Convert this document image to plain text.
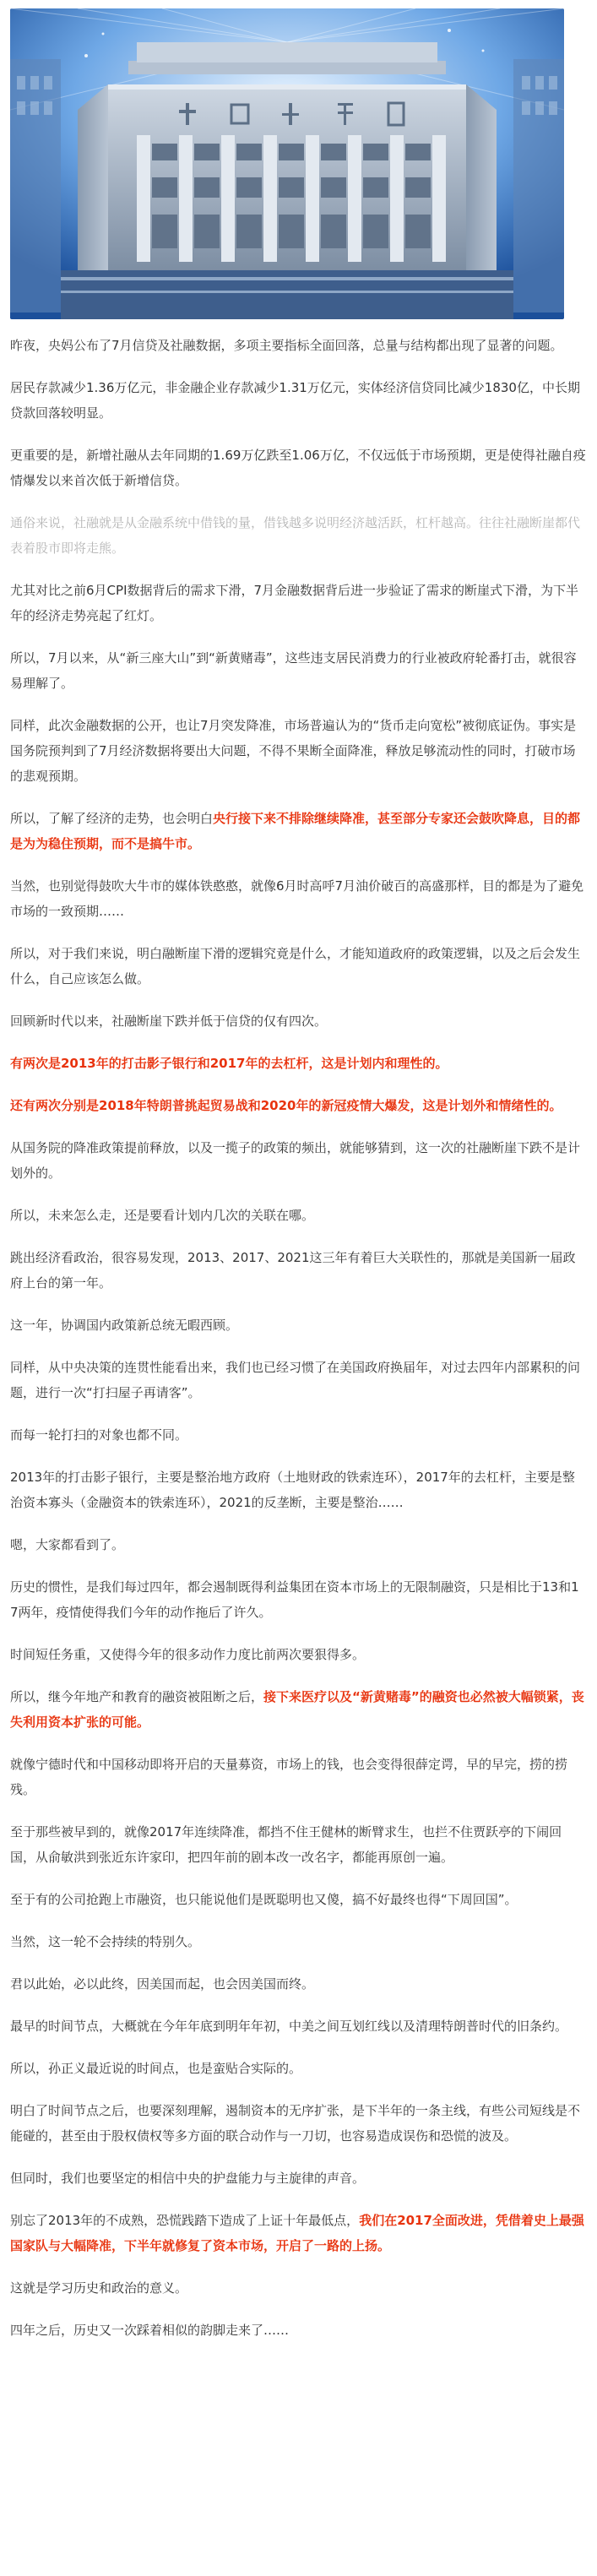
昨夜，央妈公布了7月信贷及社融数据，多项主要指标全面回落，总量与结构都出现了显著的问题。

居民存款减少1.36万亿元，非金融企业存款减少1.31万亿元，实体经济信贷同比减少1830亿，中长期贷款回落较明显。

更重要的是，新增社融从去年同期的1.69万亿跌至1.06万亿，不仅远低于市场预期，更是使得社融自疫情爆发以来首次低于新增信贷。

通俗来说，社融就是从金融系统中借钱的量，借钱越多说明经济越活跃，杠杆越高。往往社融断崖都代表着股市即将走熊。

尤其对比之前6月CPI数据背后的需求下滑，7月金融数据背后进一步验证了需求的断崖式下滑，为下半年的经济走势亮起了红灯。

所以，7月以来，从“新三座大山”到“新黄赌毒”，这些违支居民消费力的行业被政府轮番打击，就很容易理解了。

同样，此次金融数据的公开，也让7月突发降准，市场普遍认为的“货币走向宽松”被彻底证伪。事实是国务院预判到了7月经济数据将要出大问题，不得不果断全面降准，释放足够流动性的同时，打破市场的悲观预期。

所以，了解了经济的走势，也会明白央行接下来不排除继续降准，甚至部分专家还会鼓吹降息，目的都是为为稳住预期，而不是搞牛市。

当然，也别觉得鼓吹大牛市的媒体铁憨憨，就像6月时高呼7月油价破百的高盛那样，目的都是为了避免市场的一致预期……

所以，对于我们来说，明白融断崖下滑的逻辑究竟是什么，才能知道政府的政策逻辑，以及之后会发生什么，自己应该怎么做。

回顾新时代以来，社融断崖下跌并低于信贷的仅有四次。

有两次是2013年的打击影子银行和2017年的去杠杆，这是计划内和理性的。

还有两次分别是2018年特朗普挑起贸易战和2020年的新冠疫情大爆发，这是计划外和情绪性的。

从国务院的降准政策提前释放，以及一揽子的政策的频出，就能够猜到，这一次的社融断崖下跌不是计划外的。

所以，未来怎么走，还是要看计划内几次的关联在哪。

跳出经济看政治，很容易发现，2013、2017、2021这三年有着巨大关联性的，那就是美国新一届政府上台的第一年。

这一年，协调国内政策新总统无暇西顾。

同样，从中央决策的连贯性能看出来，我们也已经习惯了在美国政府换届年，对过去四年内部累积的问题，进行一次“打扫屋子再请客”。

而每一轮打扫的对象也都不同。

2013年的打击影子银行，主要是整治地方政府（土地财政的铁索连环），2017年的去杠杆，主要是整治资本寡头（金融资本的铁索连环），2021的反垄断，主要是整治……

嗯，大家都看到了。

历史的惯性，是我们每过四年，都会遏制既得利益集团在资本市场上的无限制融资，只是相比于13和17两年，疫情使得我们今年的动作拖后了许久。

时间短任务重，又使得今年的很多动作力度比前两次要狠得多。

所以，继今年地产和教育的融资被阻断之后，接下来医疗以及“新黄赌毒”的融资也必然被大幅锁紧，丧失利用资本扩张的可能。

就像宁德时代和中国移动即将开启的天量募资，市场上的钱，也会变得很薛定谔，早的早完，捞的捞残。

至于那些被早到的，就像2017年连续降准，都挡不住王健林的断臂求生，也拦不住贾跃亭的下闹回国，从俞敏洪到张近东许家印，把四年前的剧本改一改名字，都能再原创一遍。

至于有的公司抢跑上市融资，也只能说他们是既聪明也又傻，搞不好最终也得“下周回国”。

当然，这一轮不会持续的特别久。

君以此始，必以此终，因美国而起，也会因美国而终。

最早的时间节点，大概就在今年年底到明年年初，中美之间互划红线以及清理特朗普时代的旧条约。

所以，孙正义最近说的时间点，也是蛮贴合实际的。

明白了时间节点之后，也要深刻理解，遏制资本的无序扩张，是下半年的一条主线，有些公司短线是不能碰的，甚至由于股权债权等多方面的联合动作与一刀切，也容易造成误伤和恐慌的波及。

但同时，我们也要坚定的相信中央的护盘能力与主旋律的声音。

别忘了2013年的不成熟，恐慌践踏下造成了上证十年最低点，我们在2017全面改进，凭借着史上最强国家队与大幅降准，下半年就修复了资本市场，开启了一路的上扬。

这就是学习历史和政治的意义。

四年之后，历史又一次踩着相似的韵脚走来了……
